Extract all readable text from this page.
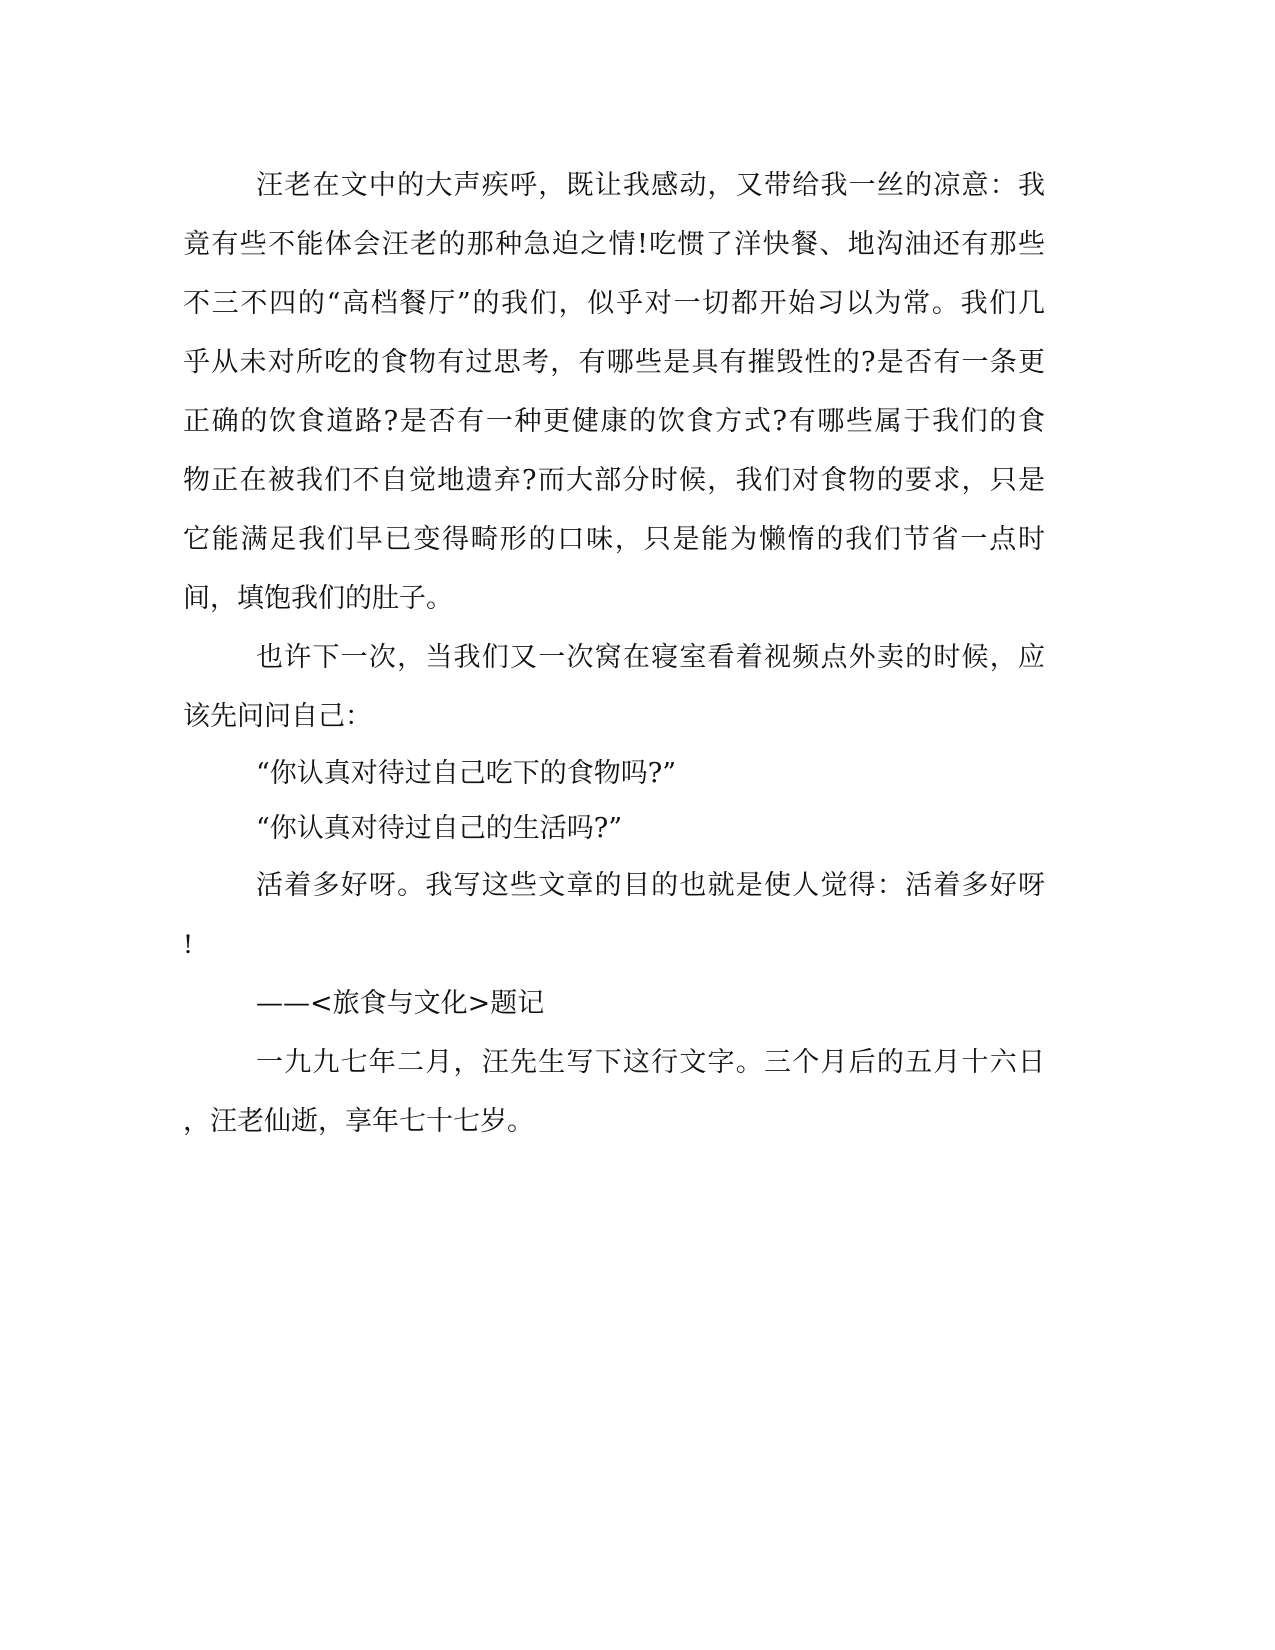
汪老在文中的大声疾呼，既让我感动，又带给我一丝的凉意：我
竟有些不能体会汪老的那种急迫之情!吃惯了洋快餐、地沟油还有那些
不三不四的“高档餐厅”的我们，似乎对一切都开始习以为常。我们几
乎从未对所吃的食物有过思考，有哪些是具有摧毁性的?是否有一条更
正确的饮食道路?是否有一种更健康的饮食方式?有哪些属于我们的食
物正在被我们不自觉地遗弃?而大部分时候，我们对食物的要求，只是
它能满足我们早已变得畸形的口味，只是能为懒惰的我们节省一点时
间，填饱我们的肚子。
也许下一次，当我们又一次窝在寝室看着视频点外卖的时候，应
该先问问自己：
“你认真对待过自己吃下的食物吗?”
“你认真对待过自己的生活吗?”
活着多好呀。我写这些文章的目的也就是使人觉得：活着多好呀
!
——<旅食与文化>题记
一九九七年二月，汪先生写下这行文字。三个月后的五月十六日
，汪老仙逝，享年七十七岁。
